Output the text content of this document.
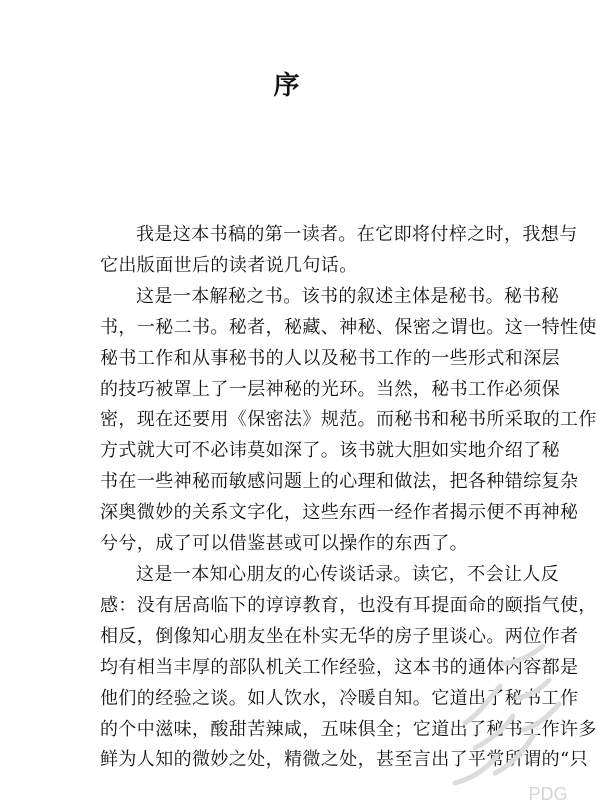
序

我是这本书稿的第一读者。在它即将付梓之时，我想与
它出版面世后的读者说几句话。

这是一本解秘之书。该书的叙述主体是秘书。秘书秘
书，一秘二书。秘者，秘藏、神秘、保密之谓也。这一特性使
秘书工作和从事秘书的人以及秘书工作的一些形式和深层
的技巧被罩上了一层神秘的光环。当然，秘书工作必须保
密，现在还要用《保密法》规范。而秘书和秘书所采取的工作
方式就大可不必讳莫如深了。该书就大胆如实地介绍了秘
书在一些神秘而敏感问题上的心理和做法，把各种错综复杂
深奥微妙的关系文字化，这些东西一经作者揭示便不再神秘
兮兮，成了可以借鉴甚或可以操作的东西了。

这是一本知心朋友的心传谈话录。读它，不会让人反
感：没有居高临下的谆谆教育，也没有耳提面命的颐指气使，
相反，倒像知心朋友坐在朴实无华的房子里谈心。两位作者
均有相当丰厚的部队机关工作经验，这本书的通体内容都是
他们的经验之谈。如人饮水，冷暖自知。它道出了秘书工作
的个中滋味，酸甜苦辣咸，五味俱全；它道出了秘书工作许多
鲜为人知的微妙之处，精微之处，甚至言出了平常所谓的“只

PDG
